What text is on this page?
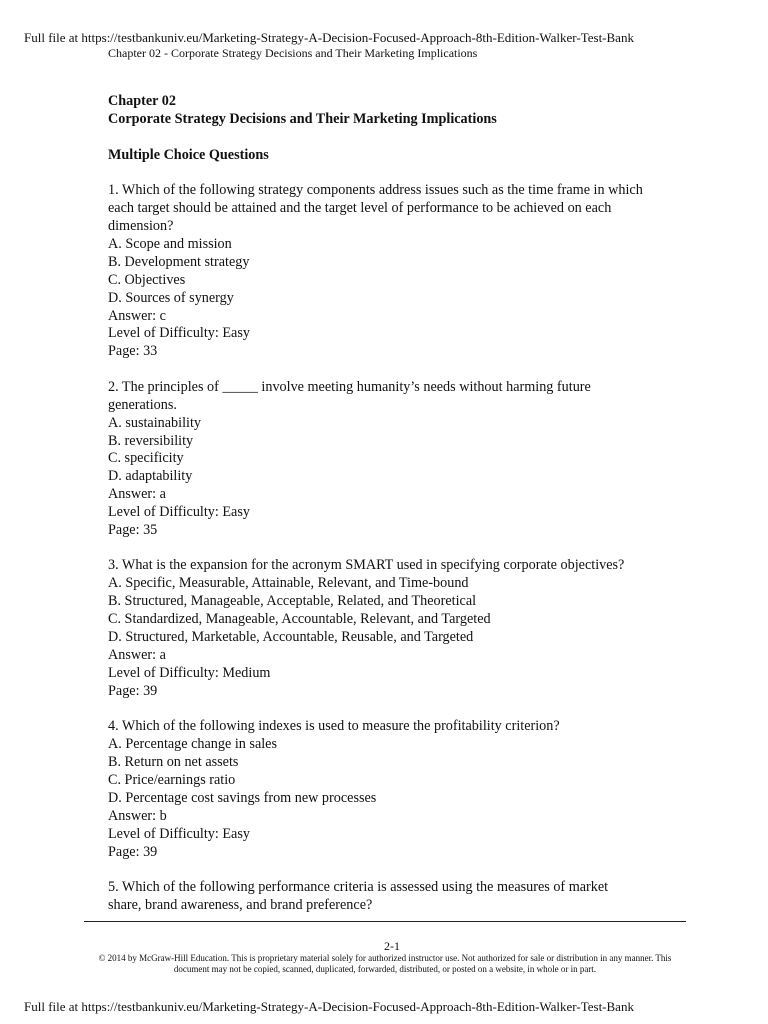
Full file at https://testbankuniv.eu/Marketing-Strategy-A-Decision-Focused-Approach-8th-Edition-Walker-Test-Bank
Chapter 02 - Corporate Strategy Decisions and Their Marketing Implications
Chapter 02
Corporate Strategy Decisions and Their Marketing Implications
Multiple Choice Questions
1. Which of the following strategy components address issues such as the time frame in which
each target should be attained and the target level of performance to be achieved on each
dimension?
A. Scope and mission
B. Development strategy
C. Objectives
D. Sources of synergy
Answer: c
Level of Difficulty: Easy
Page: 33
2. The principles of _____ involve meeting humanity’s needs without harming future
generations.
A. sustainability
B. reversibility
C. specificity
D. adaptability
Answer: a
Level of Difficulty: Easy
Page: 35
3. What is the expansion for the acronym SMART used in specifying corporate objectives?
A. Specific, Measurable, Attainable, Relevant, and Time-bound
B. Structured, Manageable, Acceptable, Related, and Theoretical
C. Standardized, Manageable, Accountable, Relevant, and Targeted
D. Structured, Marketable, Accountable, Reusable, and Targeted
Answer: a
Level of Difficulty: Medium
Page: 39
4. Which of the following indexes is used to measure the profitability criterion?
A. Percentage change in sales
B. Return on net assets
C. Price/earnings ratio
D. Percentage cost savings from new processes
Answer: b
Level of Difficulty: Easy
Page: 39
5. Which of the following performance criteria is assessed using the measures of market
share, brand awareness, and brand preference?
2-1
© 2014 by McGraw-Hill Education. This is proprietary material solely for authorized instructor use. Not authorized for sale or distribution in any manner. This document may not be copied, scanned, duplicated, forwarded, distributed, or posted on a website, in whole or in part.
Full file at https://testbankuniv.eu/Marketing-Strategy-A-Decision-Focused-Approach-8th-Edition-Walker-Test-Bank
